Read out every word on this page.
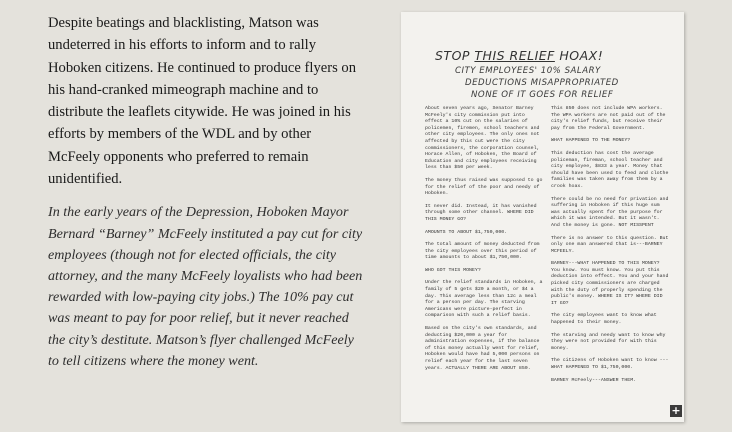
Despite beatings and blacklisting, Matson was undeterred in his efforts to inform and to rally Hoboken citizens. He continued to produce flyers on his hand-cranked mimeograph machine and to distribute the leaflets citywide. He was joined in his efforts by members of the WDL and by other McFeely opponents who preferred to remain unidentified.

In the early years of the Depression, Hoboken Mayor Bernard “Barney” McFeely instituted a pay cut for city employees (though not for elected officials, the city attorney, and the many McFeely loyalists who had been rewarded with low-paying city jobs.) The 10% pay cut was meant to pay for poor relief, but it never reached the city’s destitute. Matson’s flyer challenged McFeely to tell citizens where the money went.

STOP THIS RELIEF HOAX!
CITY EMPLOYEES' 10% SALARY
DEDUCTIONS MISAPPROPRIATED
NONE OF IT GOES FOR RELIEF
About seven years ago, Senator Barney McFeely's city commission put into effect a 10% cut on the salaries of policemen, firemen, school teachers and other city employees. The only ones not affected by this cut were the city commissioners, the corporation counsel, Horace Allen, of Hoboken, the Board of Education and city employees receiving less than $50 per week.
The money thus raised was supposed to go for the relief of the poor and needy of Hoboken.
It never did. Instead, it has vanished through some other channel. WHERE DID THIS MONEY GO?
AMOUNTS TO ABOUT $1,750,000.
The total amount of money deducted from the city employees over this period of time amounts to about $1,750,000.
WHO GOT THIS MONEY?
Under the relief standards in Hoboken, a family of 5 gets $20 a month, or $4 a day. This average less than 12c a meal for a person per day. The starving Americans were picture-perfect in comparison with such a relief basis.
Based on the city's own standards, and deducting $20,000 a year for administration expenses, if the balance of this money actually went for relief, Hoboken would have had 5,000 persons on relief each year for the last seven years. ACTUALLY THERE ARE ABOUT 850.
This 850 does not include WPA workers. The WPA workers are not paid out of the city's relief funds, but receive their pay from the Federal Government.
WHAT HAPPENED TO THE MONEY?
This deduction has cost the average policeman, fireman, school teacher and city employee, $833 a year. Money that should have been used to feed and clothe families was taken away from them by a crook hoax.
There could be no need for privation and suffering in Hoboken if this huge sum was actually spent for the purpose for which it was intended. But it wasn't. And the money is gone. NOT MISSPENT
There is no answer to this question. But only one man answered that is---BARNEY MCFEELY.
BARNEY---WHAT HAPPENED TO THIS MONEY? You know. You must know. You put this deduction into effect. You and your hand picked city commissioners are charged with the duty of properly spending the public's money. WHERE IS IT? WHERE DID IT GO?
The city employees want to know what happened to their money.
The starving and needy want to know why they were not provided for with this money.
The citizens of Hoboken want to know ---WHAT HAPPENED TO $1,750,000.
BARNEY McFeely---ANSWER THEM.
+
